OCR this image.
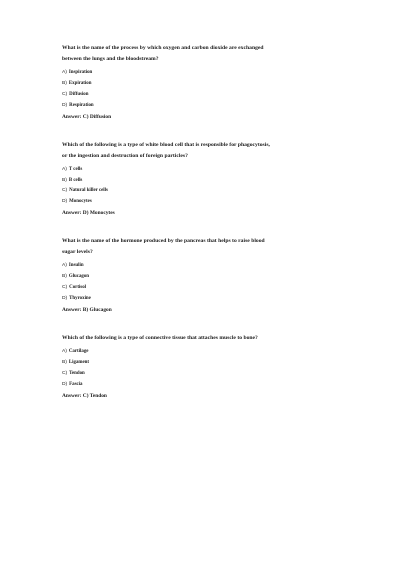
What is the name of the process by which oxygen and carbon dioxide are exchanged
between the lungs and the bloodstream?

A) Inspiration

B) Expiration

C) Diffusion

D) Respiration

Answer: C) Diffusion

Which of the following is a type of white blood cell that is responsible for phagocytosis,
or the ingestion and destruction of foreign particles?

A) T cells

B) B cells

C) Natural killer cells

D) Monocytes

Answer: D) Monocytes

What is the name of the hormone produced by the pancreas that helps to raise blood
sugar levels?

A) Insulin

B) Glucagon

C) Cortisol

D) Thyroxine

Answer: B) Glucagon

Which of the following is a type of connective tissue that attaches muscle to bone?

A) Cartilage

B) Ligament

C) Tendon

D) Fascia

Answer: C) Tendon
